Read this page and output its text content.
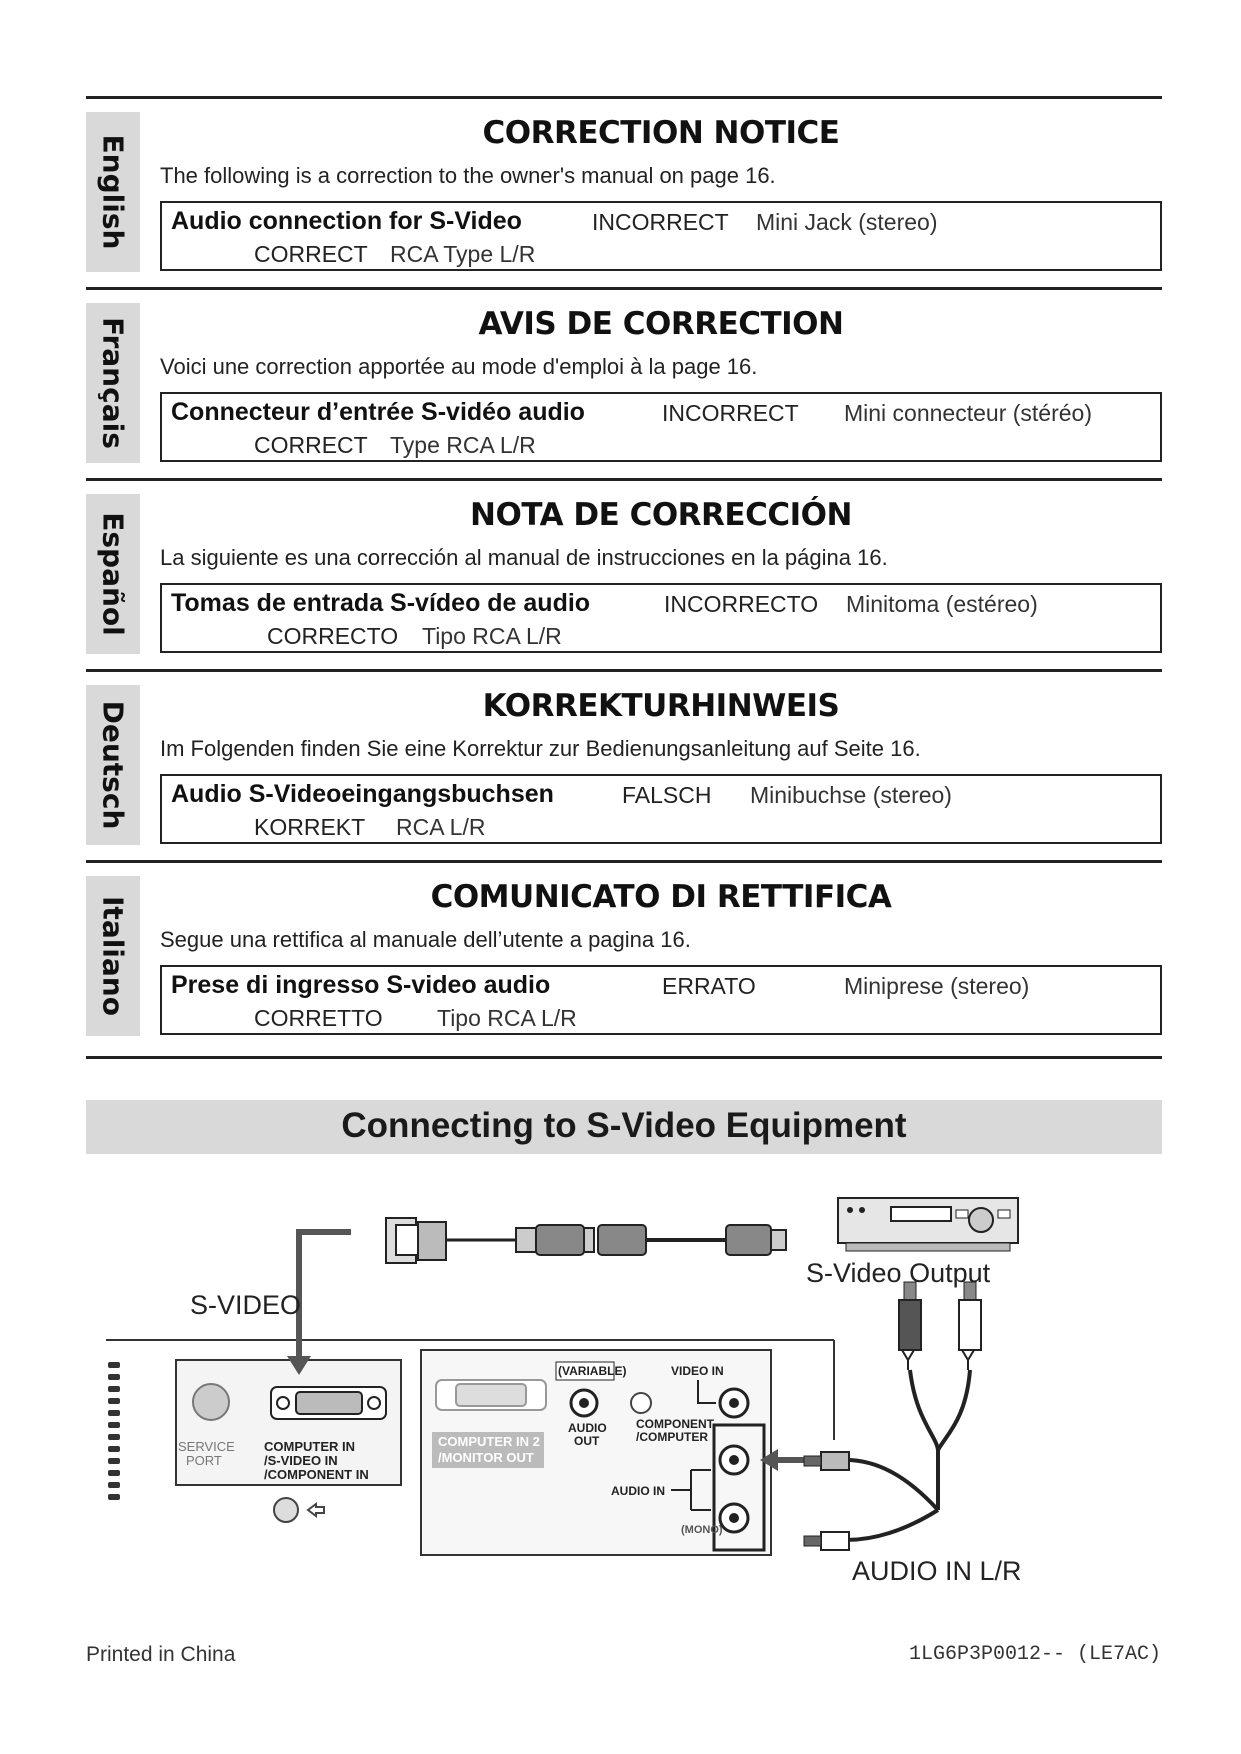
English
CORRECTION NOTICE
The following is a correction to the owner's manual on page 16.
Audio connection for S-Video	INCORRECT Mini Jack (stereo)
CORRECT RCA Type L/R
Français	AVIS DE CORRECTION
Voici une correction apportée au mode d'emploi à la page 16.
Connecteur d’entrée S-vidéo audio	INCORRECT Mini connecteur (stéréo)
CORRECT Type RCA L/R
Español	NOTA DE CORRECCIÓN
La siguiente es una corrección al manual de instrucciones en la página 16.
Tomas de entrada S-vídeo de audio	INCORRECTO Minitoma (estéreo)
CORRECTO Tipo RCA L/R
Deutsch	KORREKTURHINWEIS
Im Folgenden finden Sie eine Korrektur zur Bedienungsanleitung auf Seite 16.
Audio S-Videoeingangsbuchsen	FALSCH Minibuchse (stereo)
KORREKT RCA L/R
Italiano	COMUNICATO DI RETTIFICA
Segue una rettifica al manuale dell’utente a pagina 16.
Prese di ingresso S-video audio	ERRATO	Miniprese (stereo)
CORRETTO Tipo RCA L/R
Connecting to S-Video Equipment
SERVICE
PORT
COMPUTER IN
/S-VIDEO IN
/COMPONENT IN
COMPUTER IN 2
/MONITOR OUT
(VARIABLE)
AUDIO
OUT
VIDEO IN
COMPONENT
/COMPUTER
AUDIO IN
(MONO)
S-VIDEO
S-Video Output
AUDIO IN L/R
Printed in China	1LG6P3P0012-- (LE7AC)
